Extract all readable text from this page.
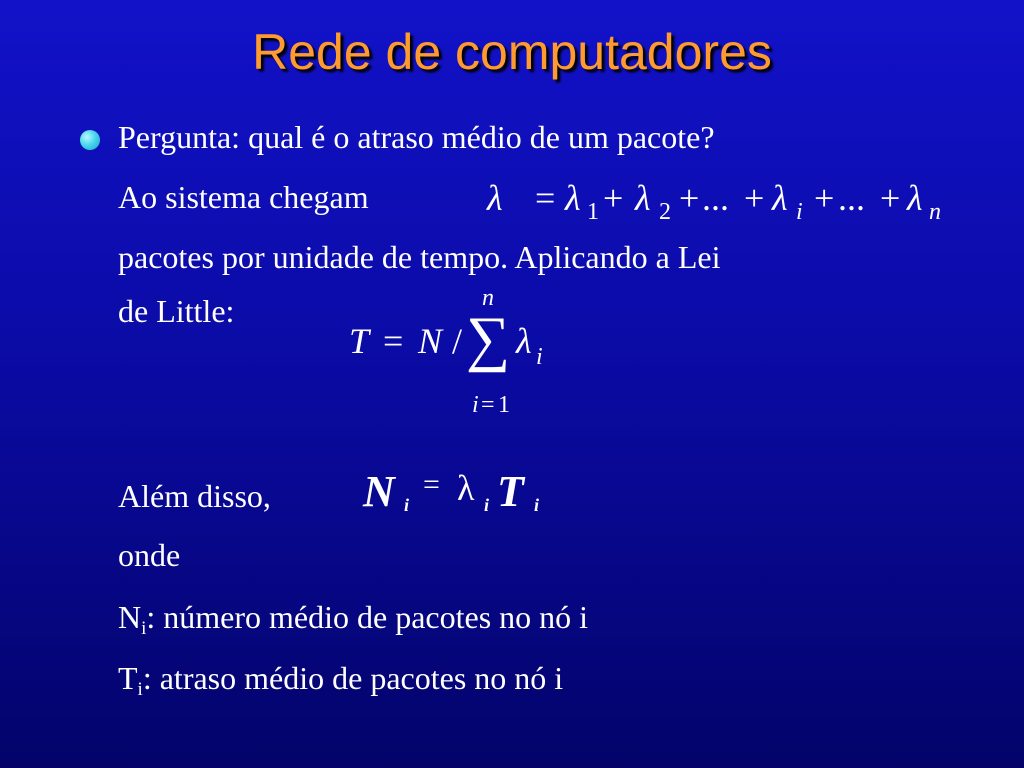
Rede de computadores
Pergunta: qual é o atraso médio de um pacote?
Ao sistema chegam	λ = λ 1 + λ 2 + ... + λ i + ... + λ n
pacotes por unidade de tempo. Aplicando a Lei
de Little:	n
T = N / ∑ λ i
i = 1
Além disso, N i
= λ i T i
onde
$N_i$: número médio de pacotes no nó i
$T_i$: atraso médio de pacotes no nó i
